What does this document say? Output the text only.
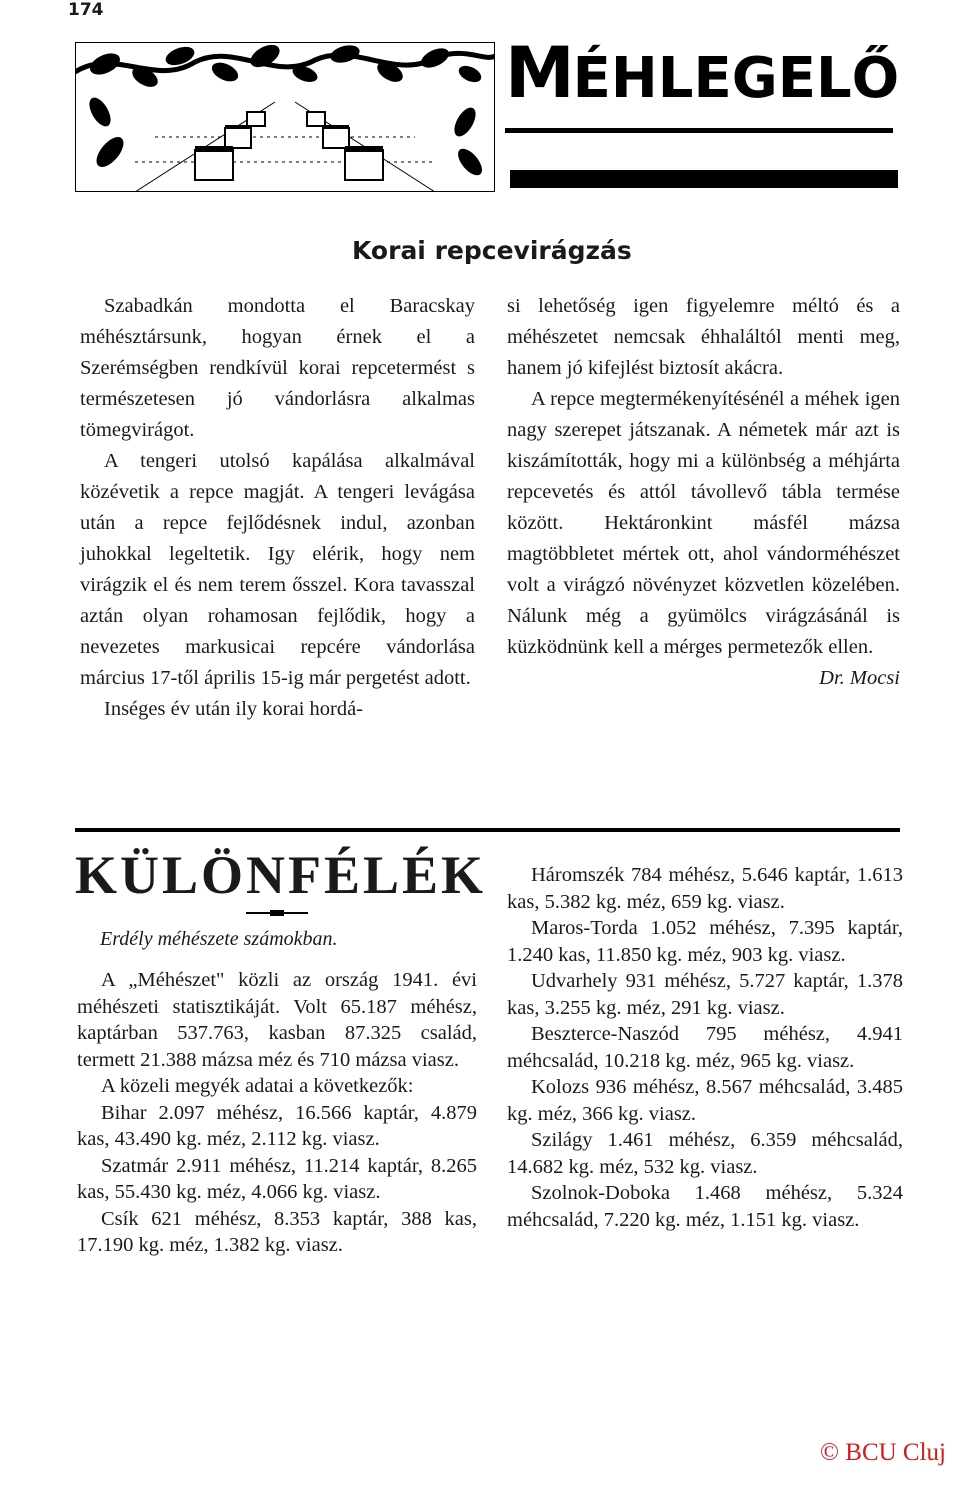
174
MÉHLEGELŐ
Korai repcevirágzás

Szabadkán mondotta el Baracskay méhésztársunk, hogyan érnek el a Szerémségben rendkívül korai repcetermést s természetesen jó vándorlásra alkalmas tömegvirágot.

A tengeri utolsó kapálása alkalmával közévetik a repce magját. A tengeri levágása után a repce fejlődésnek indul, azonban juhokkal legeltetik. Igy elérik, hogy nem virágzik el és nem terem ősszel. Kora tavasszal aztán olyan rohamosan fejlődik, hogy a nevezetes markusicai repcére vándorlása március 17-től április 15-ig már pergetést adott.

Inséges év után ily korai hordá-

si lehetőség igen figyelemre méltó és a méhészetet nemcsak éhhaláltól menti meg, hanem jó kifejlést biztosít akácra.

A repce megtermékenyítésénél a méhek igen nagy szerepet játszanak. A németek már azt is kiszámították, hogy mi a különbség a méhjárta repcevetés és attól távollevő tábla termése között. Hektáronkint másfél mázsa magtöbbletet mértek ott, ahol vándorméhészet volt a virágzó növényzet közvetlen közelében. Nálunk még a gyümölcs virágzásánál is küzködnünk kell a mérges permetezők ellen.

Dr. Mocsi

KÜLÖNFÉLÉK
Erdély méhészete számokban.

A „Méhészet" közli az ország 1941. évi méhészeti statisztikáját. Volt 65.187 méhész, kaptárban 537.763, kasban 87.325 család, termett 21.388 mázsa méz és 710 mázsa viasz.

A közeli megyék adatai a következők:

Bihar 2.097 méhész, 16.566 kaptár, 4.879 kas, 43.490 kg. méz, 2.112 kg. viasz.

Szatmár 2.911 méhész, 11.214 kaptár, 8.265 kas, 55.430 kg. méz, 4.066 kg. viasz.

Csík 621 méhész, 8.353 kaptár, 388 kas, 17.190 kg. méz, 1.382 kg. viasz.

Háromszék 784 méhész, 5.646 kaptár, 1.613 kas, 5.382 kg. méz, 659 kg. viasz.

Maros-Torda 1.052 méhész, 7.395 kaptár, 1.240 kas, 11.850 kg. méz, 903 kg. viasz.

Udvarhely 931 méhész, 5.727 kaptár, 1.378 kas, 3.255 kg. méz, 291 kg. viasz.

Beszterce-Naszód 795 méhész, 4.941 méhcsalád, 10.218 kg. méz, 965 kg. viasz.

Kolozs 936 méhész, 8.567 méhcsalád, 3.485 kg. méz, 366 kg. viasz.

Szilágy 1.461 méhész, 6.359 méhcsalád, 14.682 kg. méz, 532 kg. viasz.

Szolnok-Doboka 1.468 méhész, 5.324 méhcsalád, 7.220 kg. méz, 1.151 kg. viasz.

© BCU Cluj
